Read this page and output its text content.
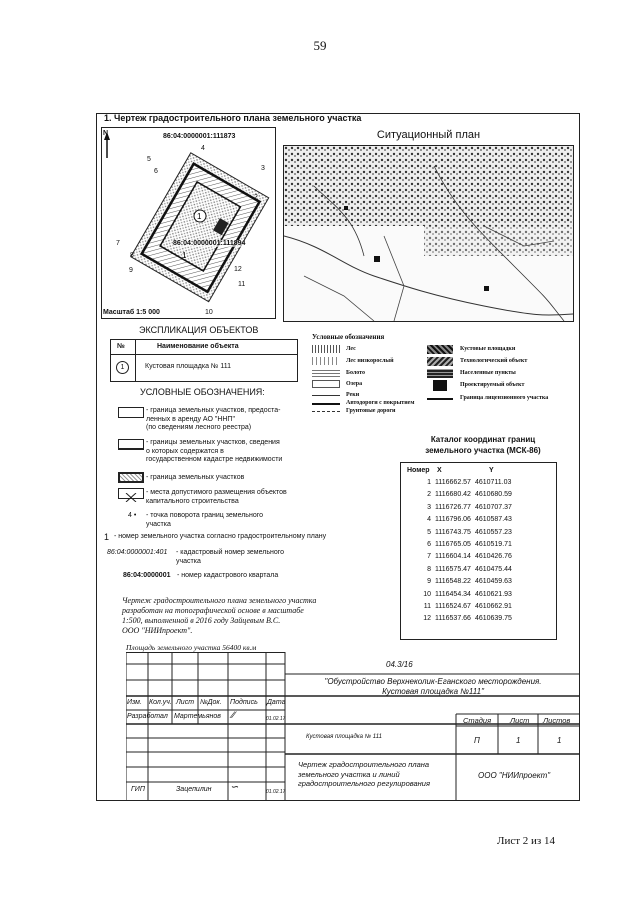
59
1. Чертеж градостроительного плана земельного участка
1
1
86:04:0000001:111873
86:04:0000001:111894
N
Масштаб 1:5 000
4
3
2
5
6
7
8
9
10
11
12
Ситуационный план
Условные обозначения
Лес
Лес низкорослый
Болото
Озера
Реки
Автодороги с покрытием
Грунтовые дороги
Кустовые площадки
Технологический объект
Населенные пункты
Проектируемый объект
Граница лицензионного участка
ЭКСПЛИКАЦИЯ ОБЪЕКТОВ
№	Наименование объекта
1	Кустовая площадка № 111
УСЛОВНЫЕ ОБОЗНАЧЕНИЯ:
- граница земельных участков, предоста-
ленных в аренду АО "ННП"
(по сведениям лесного реестра)
- границы земельных участков, сведения
о которых содержатся в
государственном кадастре недвижимости
- граница земельных участков
- места допустимого размещения объектов
капитального строительства
4 • - точка поворота границ земельного
участка
1 - номер земельного участка согласно градостроительному плану
86:04:0000001:401 - кадастровый номер земельного
участка
86:04:0000001 - номер кадастрового квартала
Чертеж градостроительного плана земельного участка
разработан на топографической основе в масштабе
1:500, выполненной в 2016 году Зайцевым В.С.
ООО "НИИпроект".
Площадь земельного участка 56400 кв.м
Каталог координат границ
земельного участка (МСК-86)
Номер	X	Y
1	1116662.57	4610711.03
2	1116680.42	4610680.59
3	1116726.77	4610707.37
4	1116796.06	4610587.43
5	1116743.75	4610557.23
6	1116765.05	4610519.71
7	1116604.14	4610426.76
8	1116575.47	4610475.44
9	1116548.22	4610459.63
10	1116454.34	4610621.93
11	1116524.67	4610662.91
12	1116537.66	4610639.75
04.3/16
"Обустройство Верхнеколик-Еганского месторождения.
Кустовая площадка №111"
Изм. Кол.уч. Лист №Док. Подпись Дата
Разработал Мартемьянов	01.02.17
⁄⁄
Кустовая площадка № 111
Стадия	Лист Листов
П	1	1
Чертеж градостроительного плана
земельного участка и линий
градостроительного регулирования
ООО "НИИпроект"
ГИП	Зацепилин ∽	01.02.17
Лист 2 из 14
